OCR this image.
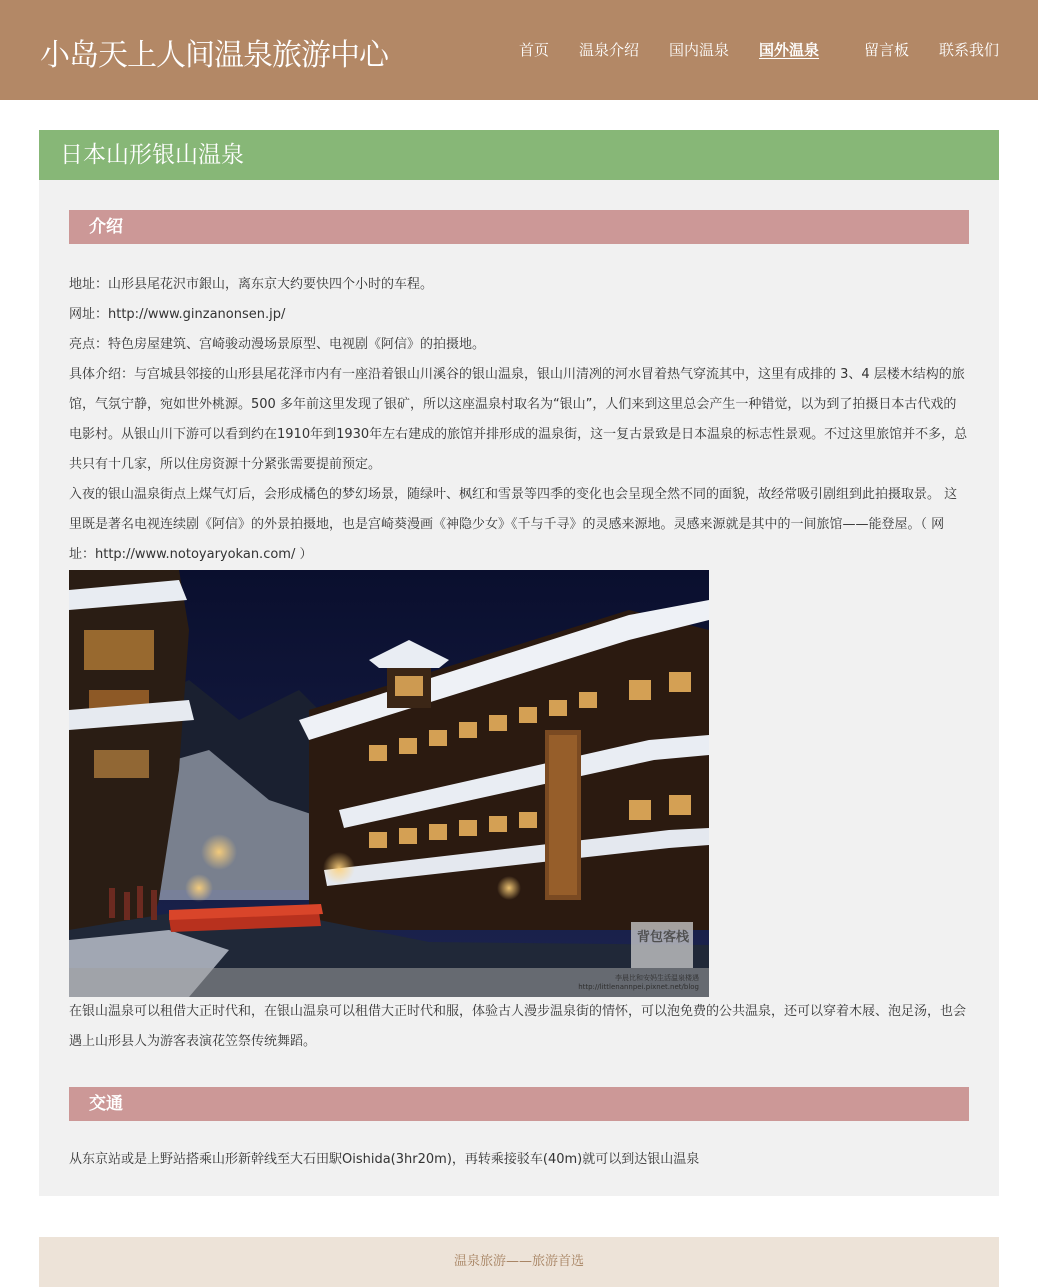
小岛天上人间温泉旅游中心	首页 温泉介绍 国内温泉 国外温泉	留言板 联系我们
日本山形银山温泉
介绍

地址：山形县尾花沢市銀山，离东京大约要快四个小时的车程。

网址：http://www.ginzanonsen.jp/

亮点：特色房屋建筑、宫崎骏动漫场景原型、电视剧《阿信》的拍摄地。

具体介绍：与宫城县邻接的山形县尾花泽市内有一座沿着银山川溪谷的银山温泉，银山川清冽的河水冒着热气穿流其中，这里有成排的 3、4 层楼木结构的旅馆，气氛宁静，宛如世外桃源。500 多年前这里发现了银矿，所以这座温泉村取名为“银山”，人们来到这里总会产生一种错觉，以为到了拍摄日本古代戏的电影村。从银山川下游可以看到约在1910年到1930年左右建成的旅馆并排形成的温泉街，这一复古景致是日本温泉的标志性景观。不过这里旅馆并不多，总共只有十几家，所以住房资源十分紧张需要提前预定。

入夜的银山温泉街点上煤气灯后，会形成橘色的梦幻场景，随绿叶、枫红和雪景等四季的变化也会呈现全然不同的面貌，故经常吸引剧组到此拍摄取景。 这里既是著名电视连续剧《阿信》的外景拍摄地，也是宫崎葵漫画《神隐少女》《千与千寻》的灵感来源地。灵感来源就是其中的一间旅馆——能登屋。（ 网址：http://www.notoyaryokan.com/ ）

背包客栈
李晨比和安妈生活温泉楼遇 http://littlenannpei.pixnet.net/blog

在银山温泉可以租借大正时代和，在银山温泉可以租借大正时代和服，体验古人漫步温泉街的情怀，可以泡免费的公共温泉，还可以穿着木屐、泡足汤，也会遇上山形县人为游客表演花笠祭传统舞蹈。

交通

从东京站或是上野站搭乘山形新幹线至大石田駅Oishida(3hr20m)，再转乘接驳车(40m)就可以到达银山温泉

温泉旅游——旅游首选
